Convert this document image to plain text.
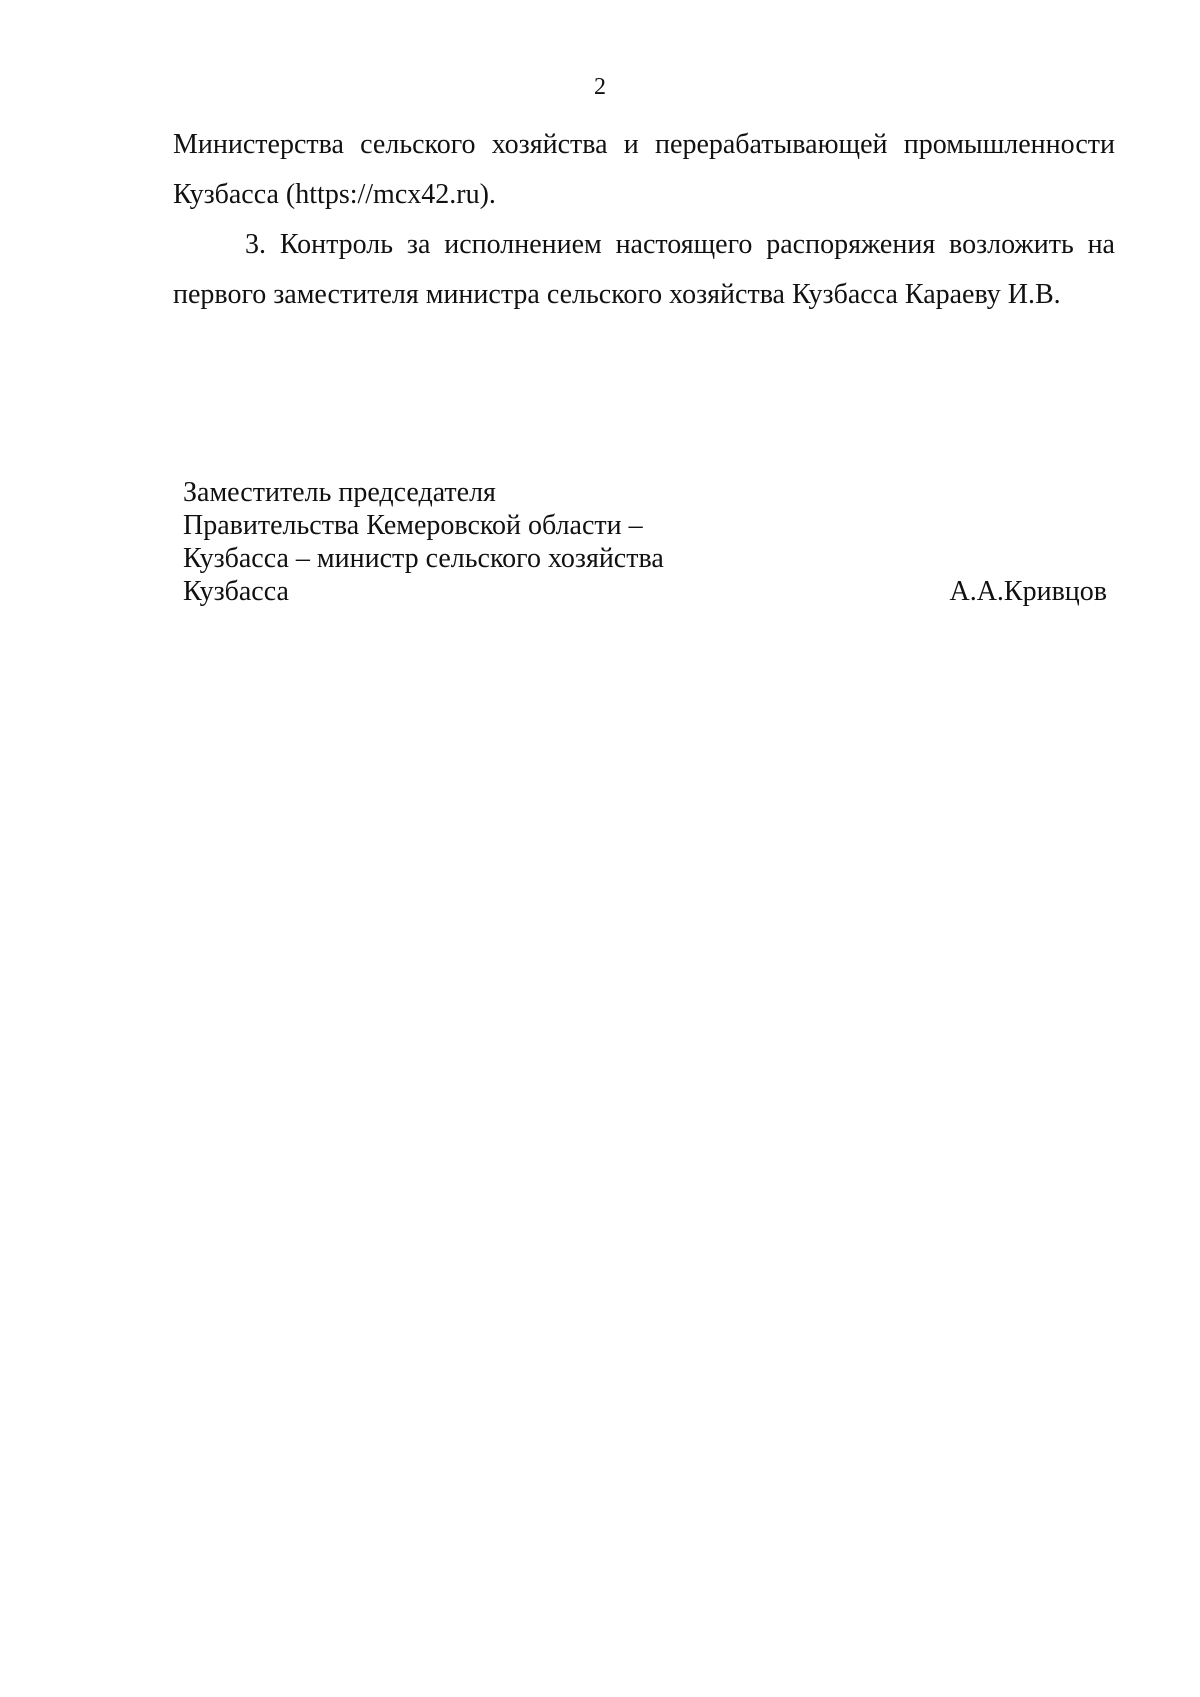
2

Министерства сельского хозяйства и перерабатывающей промышленности Кузбасса (https://mcx42.ru).

3. Контроль за исполнением настоящего распоряжения возложить на первого заместителя министра сельского хозяйства Кузбасса Караеву И.В.

Заместитель председателя
Правительства Кемеровской области –
Кузбасса – министр сельского хозяйства
Кузбасса	А.А.Кривцов
